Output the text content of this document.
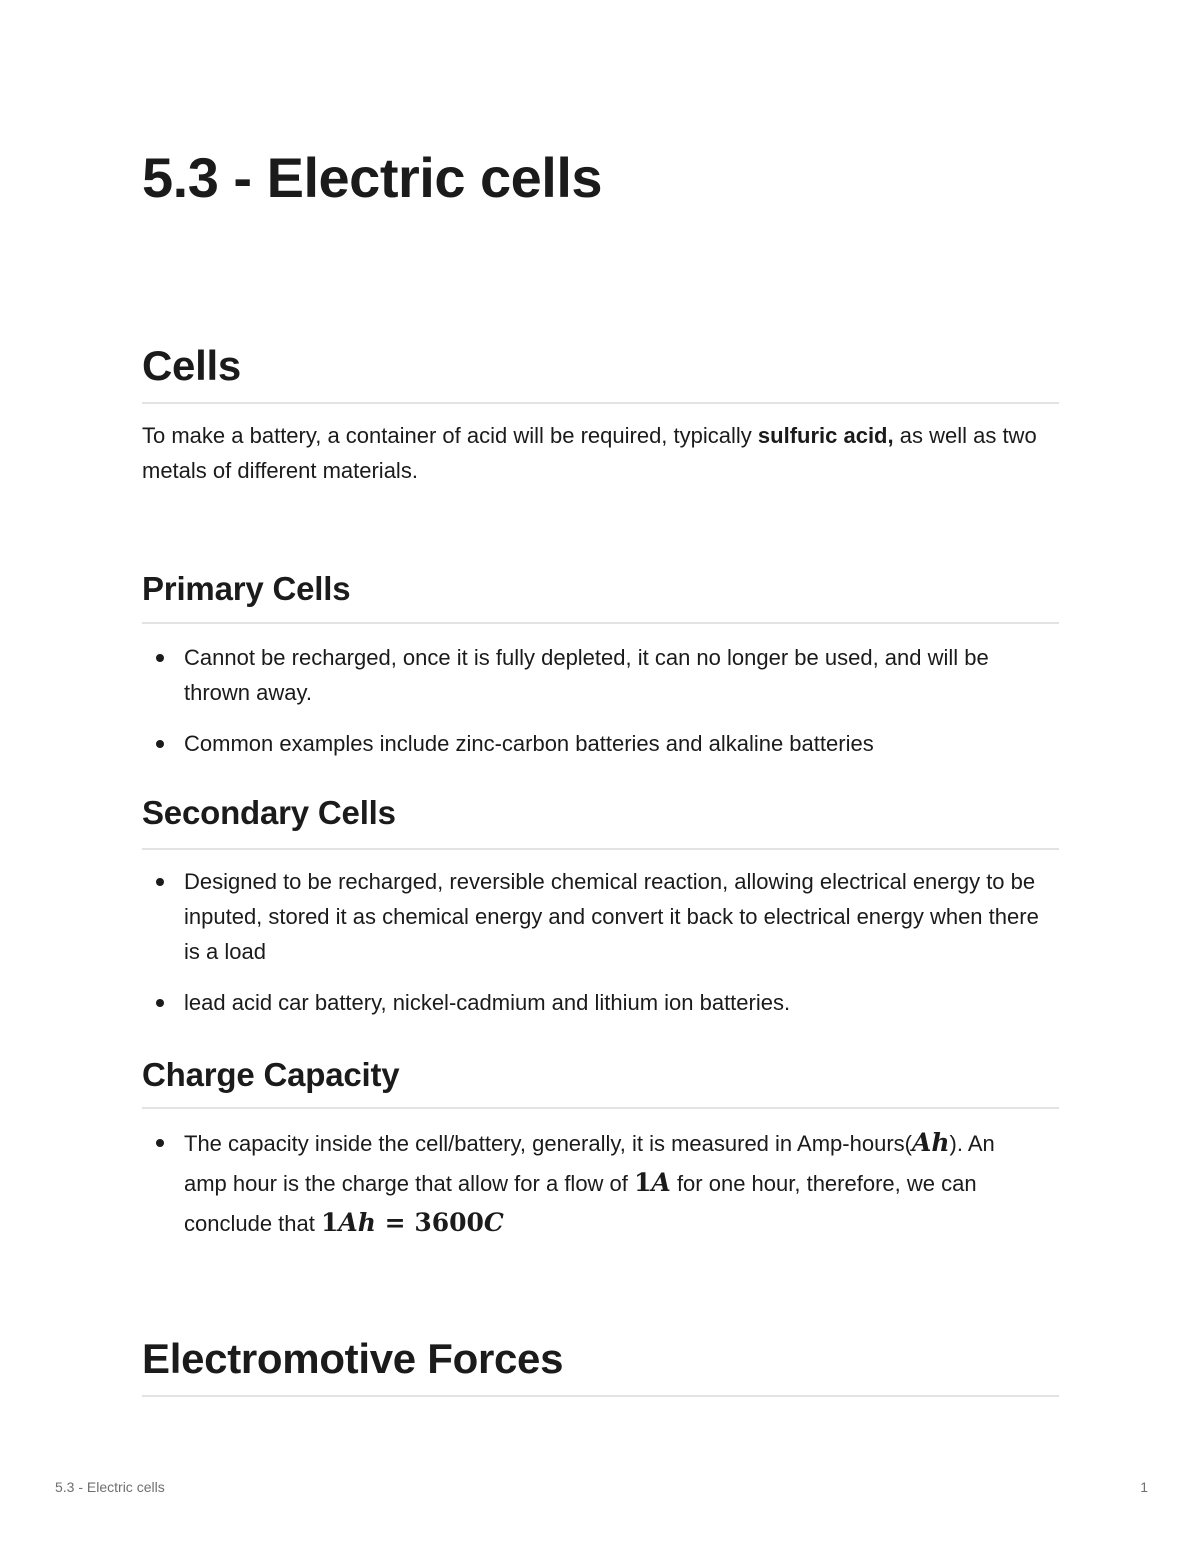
5.3 - Electric cells
Cells

To make a battery, a container of acid will be required, typically sulfuric acid, as well as two metals of different materials.

Primary Cells
Cannot be recharged, once it is fully depleted, it can no longer be used, and will be thrown away.
Common examples include zinc-carbon batteries and alkaline batteries
Secondary Cells
Designed to be recharged, reversible chemical reaction, allowing electrical energy to be inputed, stored it as chemical energy and convert it back to electrical energy when there is a load
lead acid car battery, nickel-cadmium and lithium ion batteries.
Charge Capacity
The capacity inside the cell/battery, generally, it is measured in Amp-hours(Ah). An amp hour is the charge that allow for a flow of 1A for one hour, therefore, we can conclude that 1Ah = 3600C
Electromotive Forces
5.3 - Electric cells	1
